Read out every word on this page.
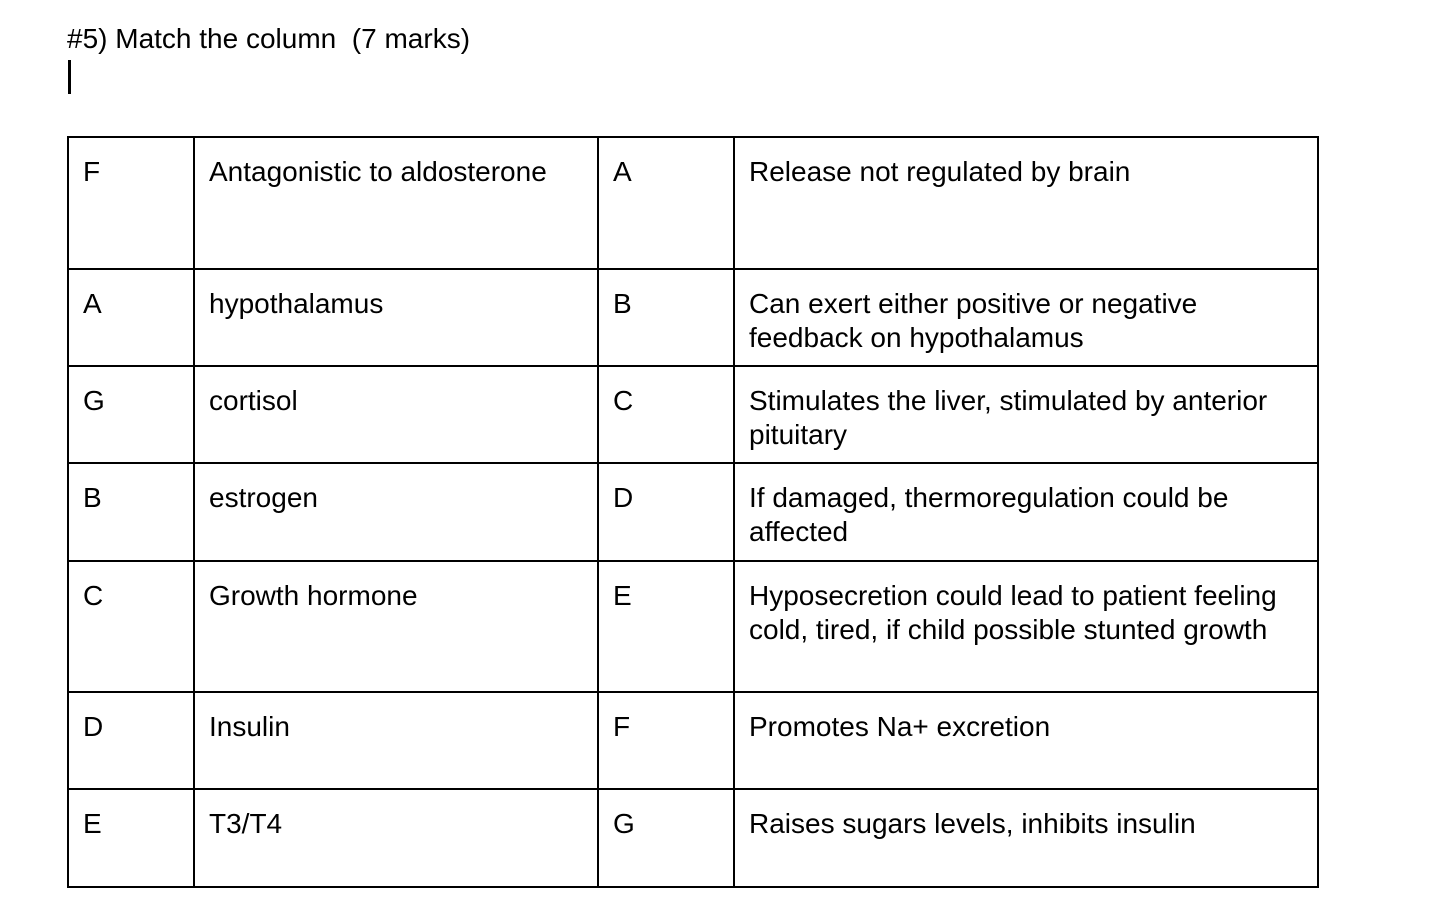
#5) Match the column  (7 marks)
F	Antagonistic to aldosterone	A	Release not regulated by brain
A	hypothalamus	B	Can exert either positive or negative feedback on hypothalamus
G	cortisol	C	Stimulates the liver, stimulated by anterior pituitary
B	estrogen	D	If damaged, thermoregulation could be affected
C	Growth hormone	E	Hyposecretion could lead to patient feeling cold, tired, if child possible stunted growth
D	Insulin	F	Promotes Na+ excretion
E	T3/T4	G	Raises sugars levels, inhibits insulin
